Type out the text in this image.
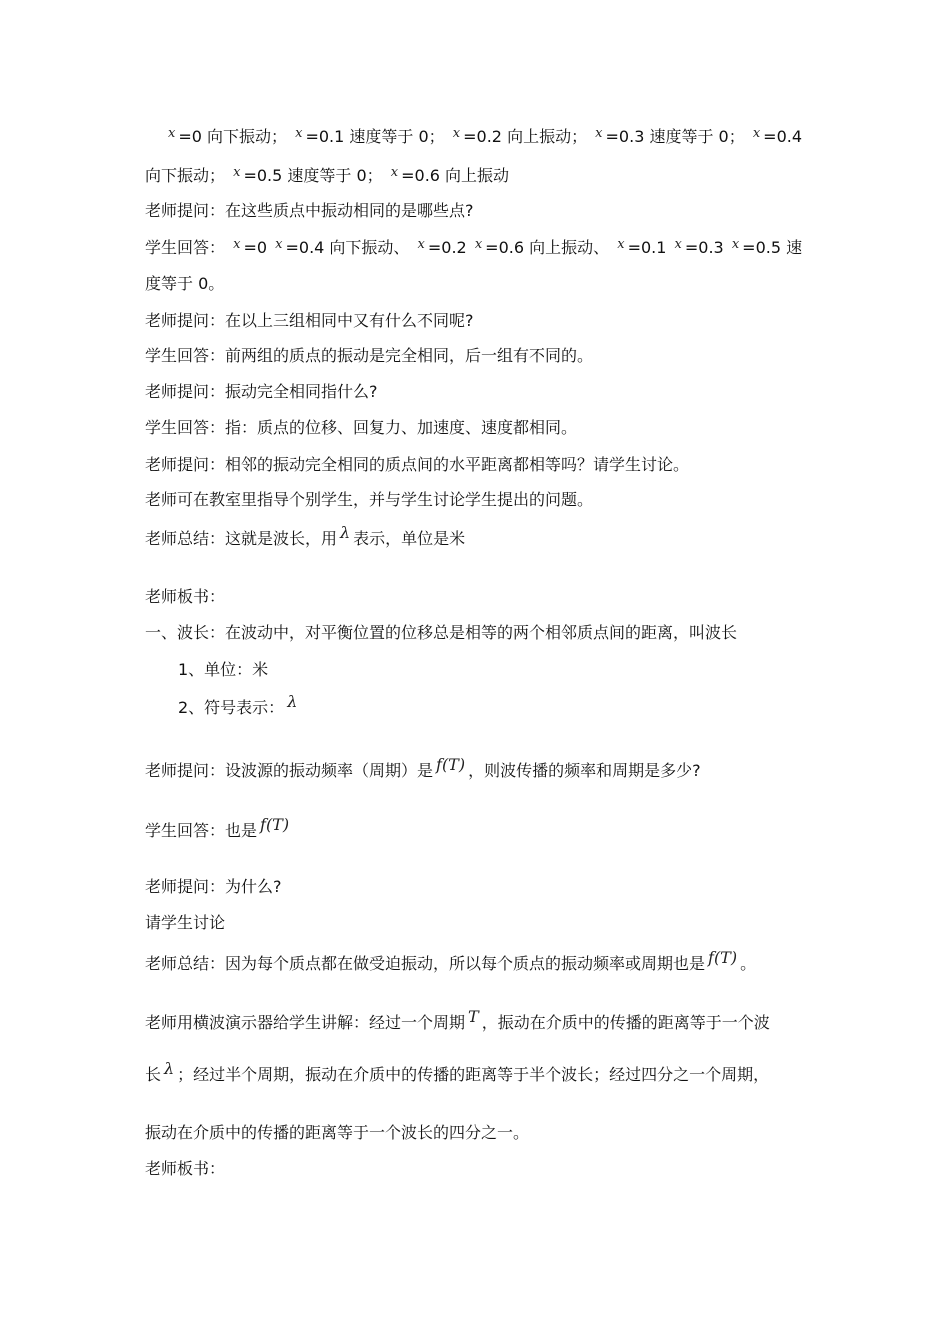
$^x$ =0 向下振动； $^x$ =0.1 速度等于 0； $^x$ =0.2 向上振动； $^x$ =0.3 速度等于 0； $^x$ =0.4
向下振动； $^x$ =0.5 速度等于 0； $^x$ =0.6 向上振动
老师提问：在这些质点中振动相同的是哪些点?
学生回答： $^x$ =0 $^x$ =0.4 向下振动、 $^x$ =0.2 $^x$ =0.6 向上振动、 $^x$ =0.1 $^x$ =0.3 $^x$ =0.5 速
度等于 0。
老师提问：在以上三组相同中又有什么不同呢?
学生回答：前两组的质点的振动是完全相同，后一组有不同的。
老师提问：振动完全相同指什么?
学生回答：指：质点的位移、回复力、加速度、速度都相同。
老师提问：相邻的振动完全相同的质点间的水平距离都相等吗？请学生讨论。
老师可在教室里指导个别学生，并与学生讨论学生提出的问题。
老师总结：这就是波长，用 λ 表示，单位是米
老师板书：
一、波长：在波动中，对平衡位置的位移总是相等的两个相邻质点间的距离，叫波长
1、单位：米
2、符号表示： λ
老师提问：设波源的振动频率（周期）是 f(T) ，则波传播的频率和周期是多少?
学生回答：也是 f(T)
老师提问：为什么?
请学生讨论
老师总结：因为每个质点都在做受迫振动，所以每个质点的振动频率或周期也是 f(T) 。
老师用横波演示器给学生讲解：经过一个周期 T ，振动在介质中的传播的距离等于一个波
长 λ ；经过半个周期，振动在介质中的传播的距离等于半个波长；经过四分之一个周期，
振动在介质中的传播的距离等于一个波长的四分之一。
老师板书：
